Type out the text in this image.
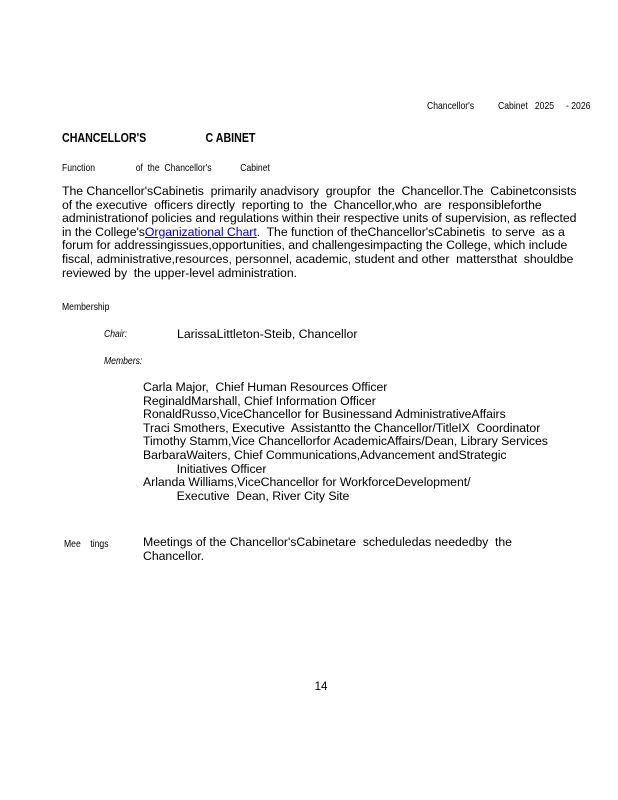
Chancellor's          Cabinet   2025     - 2026
CHANCELLOR'S                    C ABINET
Function                 of  the  Chancellor's            Cabinet
The Chancellor'sCabinetis  primarily anadvisory  groupfor  the  Chancellor.The  Cabinetconsists
of the executive  officers directly  reporting to  the  Chancellor,who  are  responsibleforthe
administrationof policies and regulations within their respective units of supervision, as reflected
in the College'sOrganizational Chart.  The function of theChancellor'sCabinetis  to serve  as a
forum for addressingissues,opportunities, and challengesimpacting the College, which include
fiscal, administrative,resources, personnel, academic, student and other  mattersthat  shouldbe
reviewed by  the upper-level administration.
Membership
Chair:	LarissaLittleton-Steib, Chancellor
Members:
Carla Major,  Chief Human Resources Officer
ReginaldMarshall, Chief Information Officer
RonaldRusso,ViceChancellor for Businessand AdministrativeAffairs
Traci Smothers, Executive  Assistantto the Chancellor/TitleIX  Coordinator
Timothy Stamm,Vice Chancellorfor AcademicAffairs/Dean, Library Services
BarbaraWaiters, Chief Communications,Advancement andStrategic
Initiatives Officer
Arlanda Williams,ViceChancellor for WorkforceDevelopment/
Executive  Dean, River City Site
Mee    tings	Meetings of the Chancellor'sCabinetare  scheduledas neededby  the
Chancellor.
14
